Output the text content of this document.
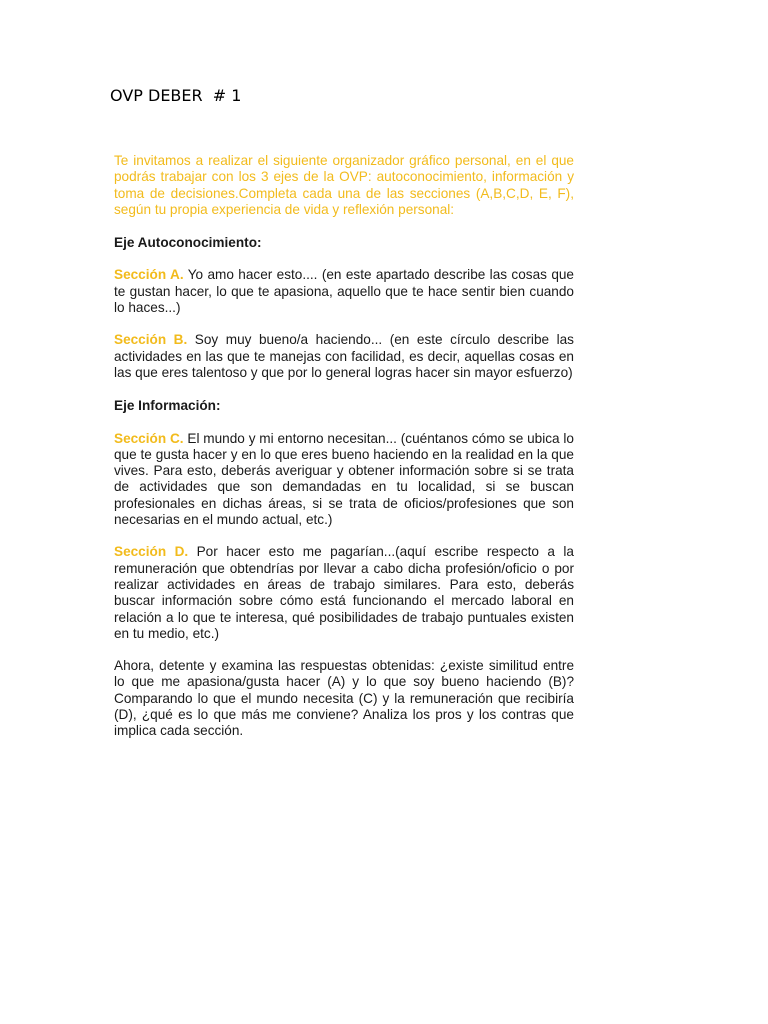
OVP DEBER  # 1

Te invitamos a realizar el siguiente organizador gráfico personal, en el que podrás trabajar con los 3 ejes de la OVP: autoconocimiento, información y toma de decisiones.Completa cada una de las secciones (A,B,C,D, E, F), según tu propia experiencia de vida y reflexión personal:

Eje Autoconocimiento:

Sección A. Yo amo hacer esto.... (en este apartado describe las cosas que te gustan hacer, lo que te apasiona, aquello que te hace sentir bien cuando lo haces...)

Sección B. Soy muy bueno/a haciendo... (en este círculo describe las actividades en las que te manejas con facilidad, es decir, aquellas cosas en las que eres talentoso y que por lo general logras hacer sin mayor esfuerzo)

Eje Información:

Sección C. El mundo y mi entorno necesitan... (cuéntanos cómo se ubica lo que te gusta hacer y en lo que eres bueno haciendo en la realidad en la que vives. Para esto, deberás averiguar y obtener información sobre si se trata de actividades que son demandadas en tu localidad, si se buscan profesionales en dichas áreas, si se trata de oficios/profesiones que son necesarias en el mundo actual, etc.)

Sección D. Por hacer esto me pagarían...(aquí escribe respecto a la remuneración que obtendrías por llevar a cabo dicha profesión/oficio o por realizar actividades en áreas de trabajo similares. Para esto, deberás buscar información sobre cómo está funcionando el mercado laboral en relación a lo que te interesa, qué posibilidades de trabajo puntuales existen en tu medio, etc.)

Ahora, detente y examina las respuestas obtenidas: ¿existe similitud entre lo que me apasiona/gusta hacer (A) y lo que soy bueno haciendo (B)? Comparando lo que el mundo necesita (C) y la remuneración que recibiría (D), ¿qué es lo que más me conviene? Analiza los pros y los contras que implica cada sección.
